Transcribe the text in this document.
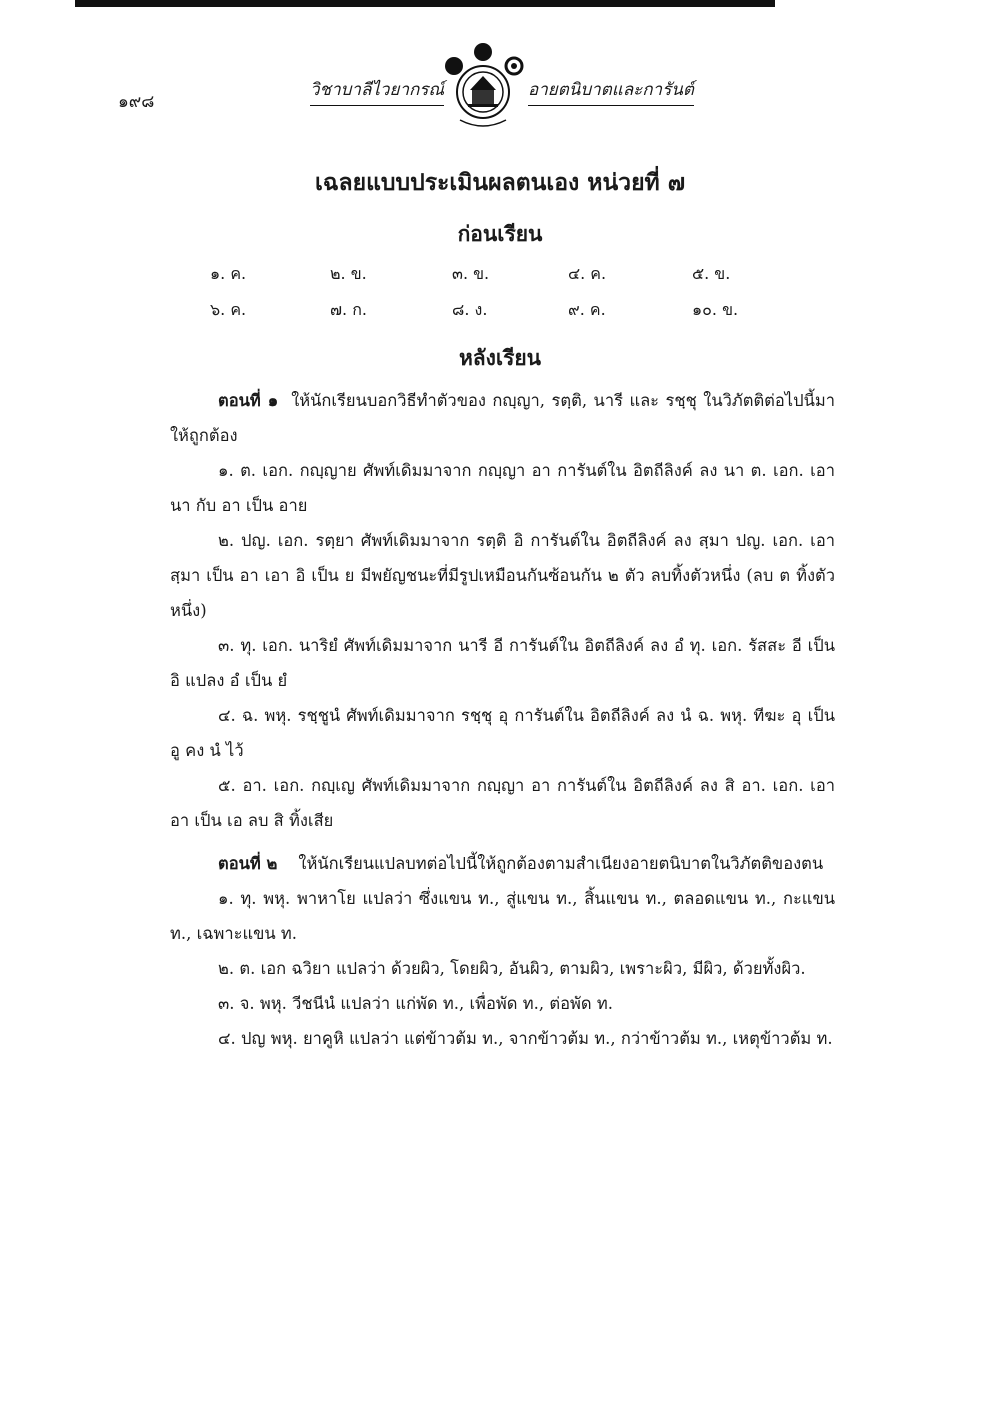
๑๙๘
วิชาบาลีไวยากรณ์	อายตนิบาตและการันต์
เฉลยแบบประเมินผลตนเอง หน่วยที่ ๗
ก่อนเรียน
๑. ค.	๒. ข.	๓. ข.	๔. ค.	๕. ข.
๖. ค.	๗. ก.	๘. ง.	๙. ค.	๑๐. ข.
หลังเรียน

ตอนที่ ๑ ให้นักเรียนบอกวิธีทำตัวของ กญฺญา, รตฺติ, นารี และ รชฺชุ ในวิภัตติต่อไปนี้มาให้ถูกต้อง

๑. ต. เอก. กญฺญาย ศัพท์เดิมมาจาก กญฺญา อา การันต์ใน อิตถีลิงค์ ลง นา ต. เอก. เอา นา กับ อา เป็น อาย

๒. ปญ. เอก. รตฺยา ศัพท์เดิมมาจาก รตฺติ อิ การันต์ใน อิตถีลิงค์ ลง สฺมา ปญ. เอก. เอา สฺมา เป็น อา เอา อิ เป็น ย มีพยัญชนะที่มีรูปเหมือนกันซ้อนกัน ๒ ตัว ลบทิ้งตัวหนึ่ง (ลบ ต ทิ้งตัวหนึ่ง)

๓. ทุ. เอก. นาริยํ ศัพท์เดิมมาจาก นารี อี การันต์ใน อิตถีลิงค์ ลง อํ ทุ. เอก. รัสสะ อี เป็น อิ แปลง อํ เป็น ยํ

๔. ฉ. พหุ. รชฺชูนํ ศัพท์เดิมมาจาก รชฺชุ อุ การันต์ใน อิตถีลิงค์ ลง นํ ฉ. พหุ. ทีฆะ อุ เป็น อู คง นํ ไว้

๕. อา. เอก. กญฺเญ ศัพท์เดิมมาจาก กญฺญา อา การันต์ใน อิตถีลิงค์ ลง สิ อา. เอก. เอา อา เป็น เอ ลบ สิ ทิ้งเสีย

ตอนที่ ๒ ให้นักเรียนแปลบทต่อไปนี้ให้ถูกต้องตามสำเนียงอายตนิบาตในวิภัตติของตน

๑. ทุ. พหุ. พาหาโย แปลว่า ซึ่งแขน ท., สู่แขน ท., สิ้นแขน ท., ตลอดแขน ท., กะแขน ท., เฉพาะแขน ท.

๒. ต. เอก ฉวิยา แปลว่า ด้วยผิว, โดยผิว, อันผิว, ตามผิว, เพราะผิว, มีผิว, ด้วยทั้งผิว.

๓. จ. พหุ. วีชนีนํ แปลว่า แก่พัด ท., เพื่อพัด ท., ต่อพัด ท.

๔. ปญ พหุ. ยาคูหิ แปลว่า แต่ข้าวต้ม ท., จากข้าวต้ม ท., กว่าข้าวต้ม ท., เหตุข้าวต้ม ท.
